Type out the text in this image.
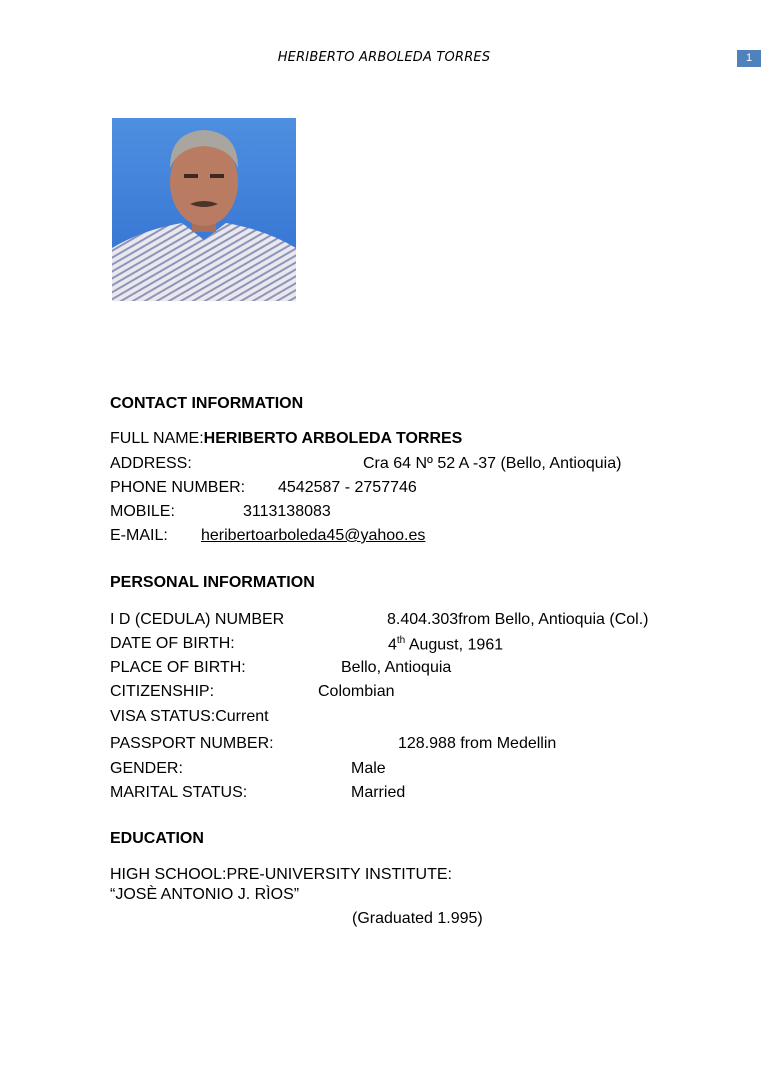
HERIBERTO ARBOLEDA TORRES	1
CONTACT INFORMATION
FULL NAME:HERIBERTO ARBOLEDA TORRES
ADDRESS:	Cra 64 Nº 52 A -37 (Bello, Antioquia)
PHONE NUMBER: 4542587 - 2757746
MOBILE:	3113138083
E-MAIL: heribertoarboleda45@yahoo.es
PERSONAL INFORMATION
I D (CEDULA) NUMBER	8.404.303from Bello, Antioquia (Col.)
DATE OF BIRTH:	4th August, 1961
PLACE OF BIRTH:	Bello, Antioquia
CITIZENSHIP:	Colombian
VISA STATUS:Current
PASSPORT NUMBER:	128.988 from Medellin
GENDER:	Male
MARITAL STATUS:	Married
EDUCATION
HIGH SCHOOL:PRE-UNIVERSITY INSTITUTE:
“JOSÈ ANTONIO J. RÌOS”
(Graduated 1.995)
